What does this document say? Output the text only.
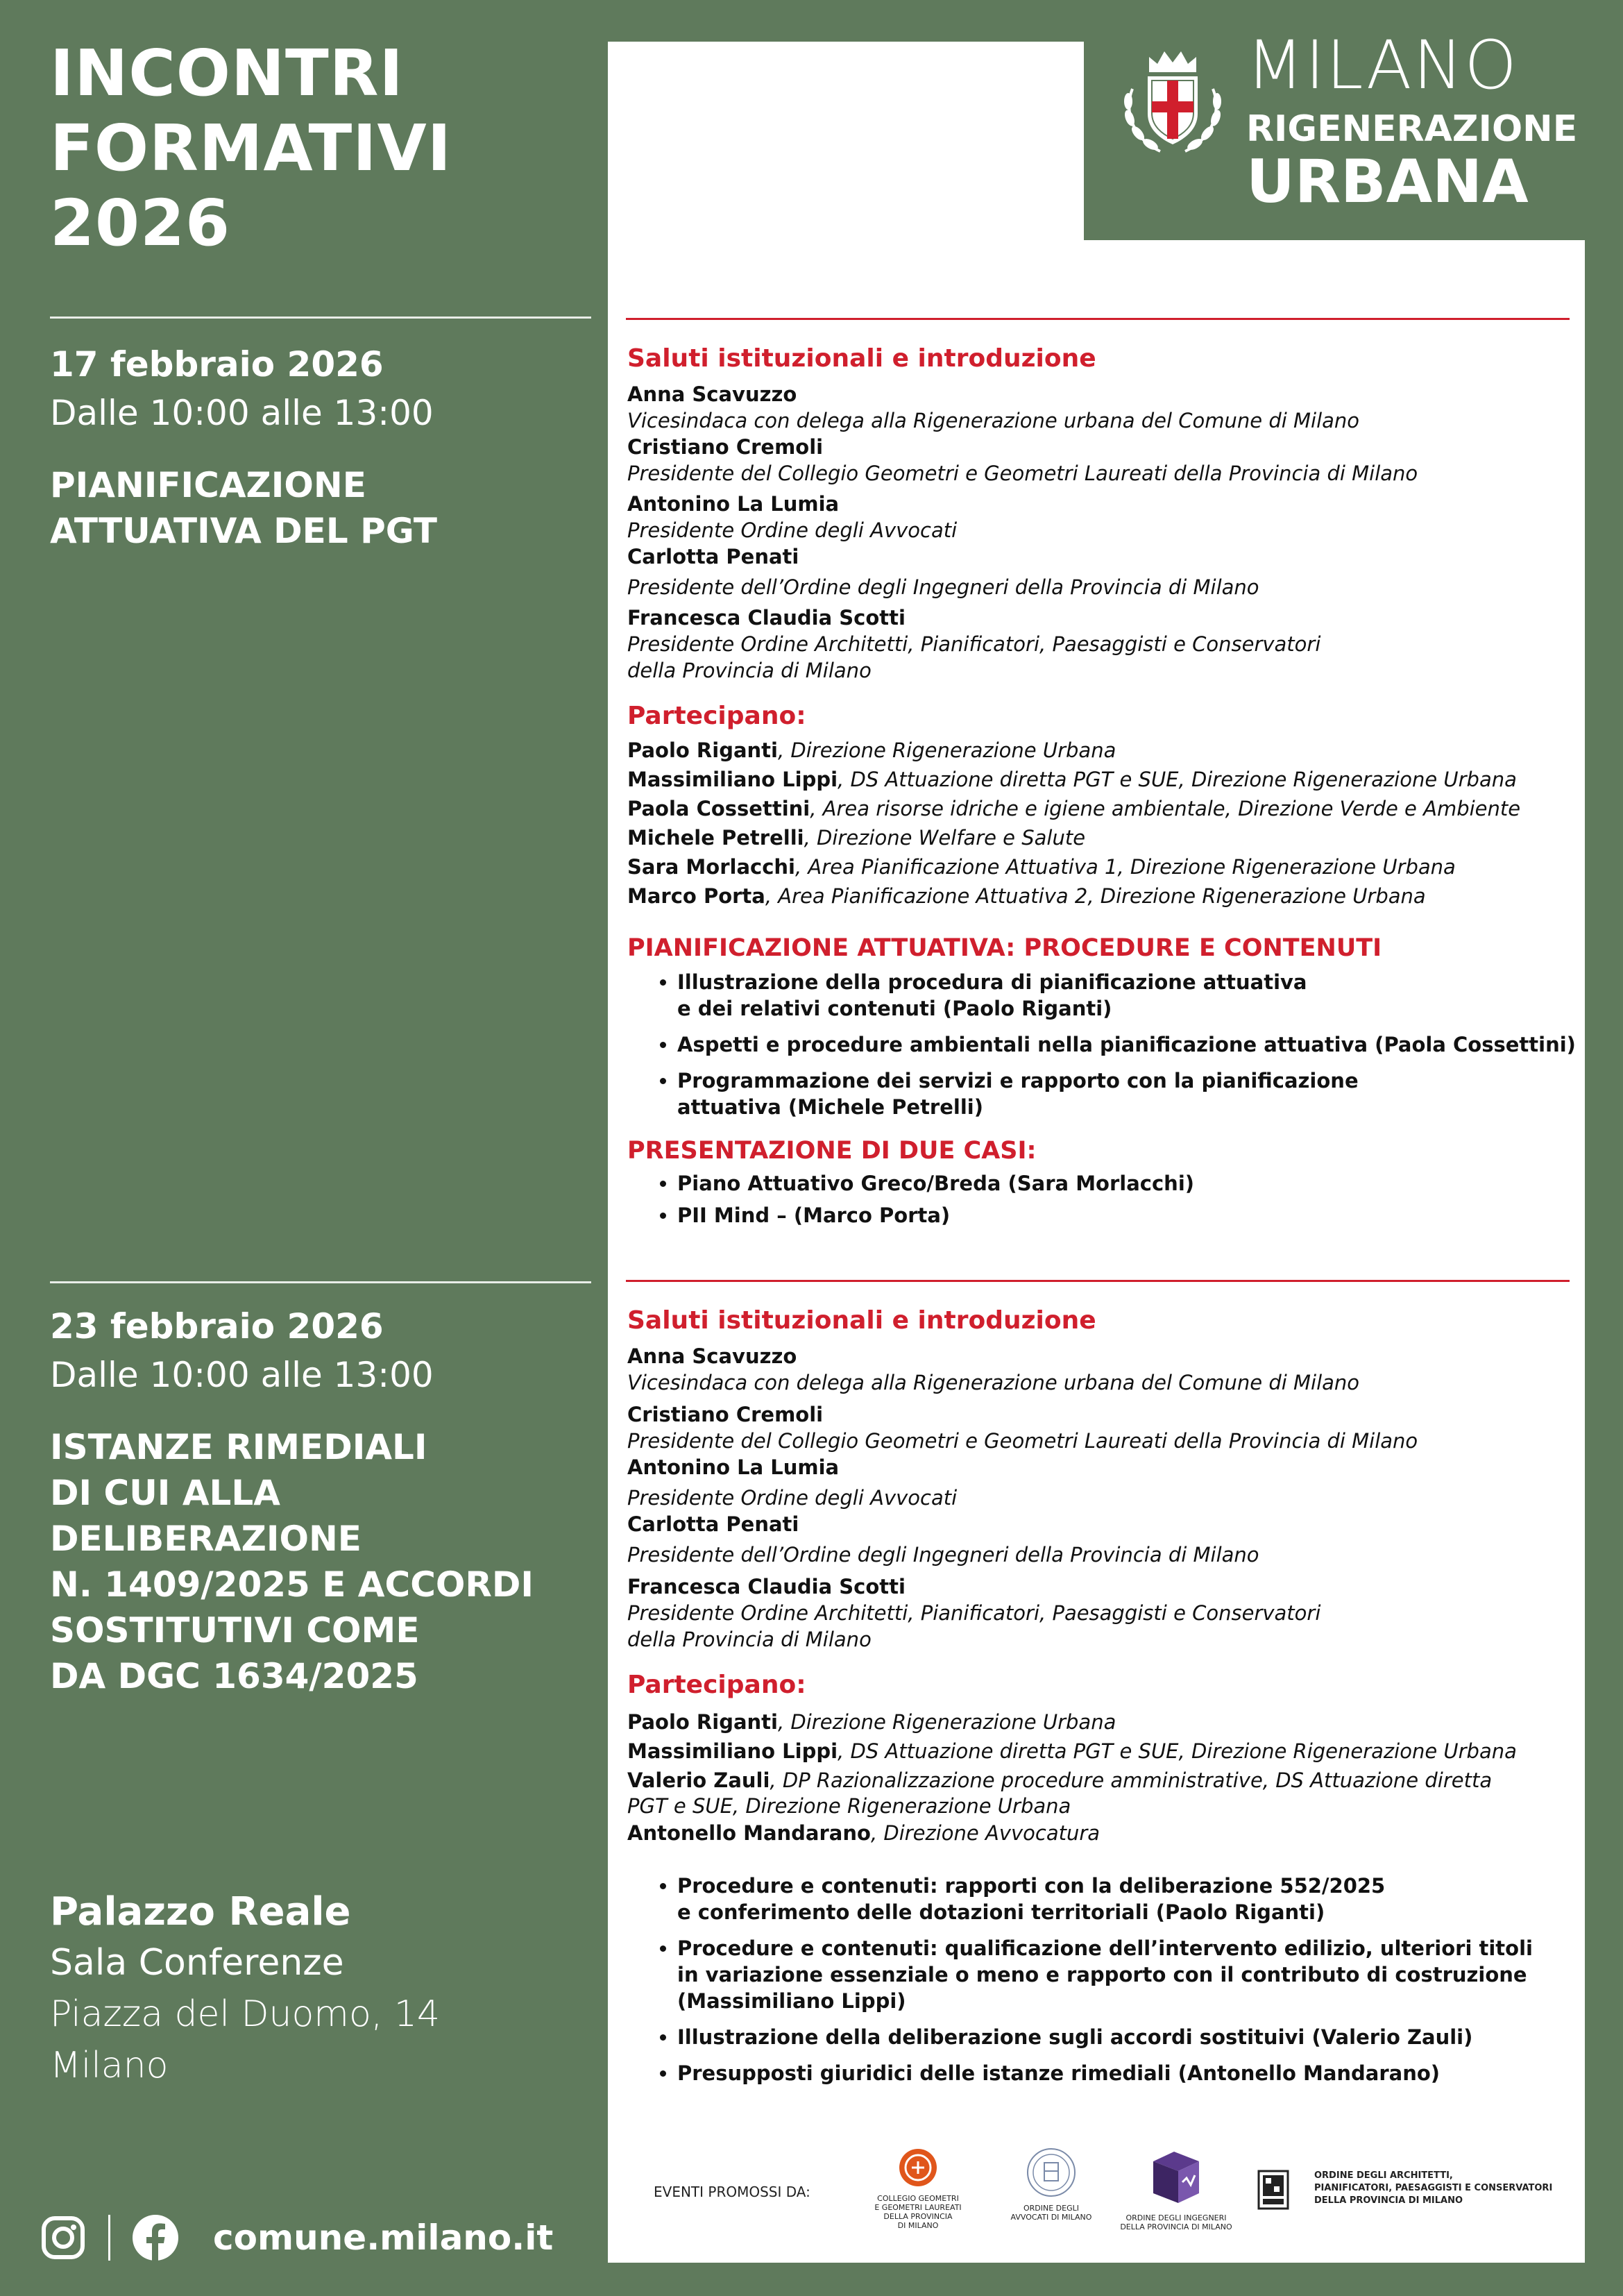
INCONTRI
FORMATIVI
2026
17 febbraio 2026
Dalle 10:00 alle 13:00
PIANIFICAZIONE
ATTUATIVA DEL PGT
23 febbraio 2026
Dalle 10:00 alle 13:00
ISTANZE RIMEDIALI
DI CUI ALLA
DELIBERAZIONE
N. 1409/2025 E ACCORDI
SOSTITUTIVI COME
DA DGC 1634/2025
Palazzo Reale
Sala Conferenze
Piazza del Duomo, 14
Milano
comune.milano.it
MILANO
RIGENERAZIONE
URBANA
Saluti istituzionali e introduzione
Anna Scavuzzo
Vicesindaca con delega alla Rigenerazione urbana del Comune di Milano
Cristiano Cremoli
Presidente del Collegio Geometri e Geometri Laureati della Provincia di Milano
Antonino La Lumia
Presidente Ordine degli Avvocati
Carlotta Penati
Presidente dell’Ordine degli Ingegneri della Provincia di Milano
Francesca Claudia Scotti
Presidente Ordine Architetti, Pianificatori, Paesaggisti e Conservatori
della Provincia di Milano
Partecipano:
Paolo Riganti, Direzione Rigenerazione Urbana
Massimiliano Lippi, DS Attuazione diretta PGT e SUE, Direzione Rigenerazione Urbana
Paola Cossettini, Area risorse idriche e igiene ambientale, Direzione Verde e Ambiente
Michele Petrelli, Direzione Welfare e Salute
Sara Morlacchi, Area Pianificazione Attuativa 1, Direzione Rigenerazione Urbana
Marco Porta, Area Pianificazione Attuativa 2, Direzione Rigenerazione Urbana
PIANIFICAZIONE ATTUATIVA: PROCEDURE E CONTENUTI
• Illustrazione della procedura di pianificazione attuativa
e dei relativi contenuti (Paolo Riganti)
• Aspetti e procedure ambientali nella pianificazione attuativa (Paola Cossettini)
• Programmazione dei servizi e rapporto con la pianificazione
attuativa (Michele Petrelli)
PRESENTAZIONE DI DUE CASI:
• Piano Attuativo Greco/Breda (Sara Morlacchi)
• PII Mind – (Marco Porta)
Saluti istituzionali e introduzione
Anna Scavuzzo
Vicesindaca con delega alla Rigenerazione urbana del Comune di Milano
Cristiano Cremoli
Presidente del Collegio Geometri e Geometri Laureati della Provincia di Milano
Antonino La Lumia
Presidente Ordine degli Avvocati
Carlotta Penati
Presidente dell’Ordine degli Ingegneri della Provincia di Milano
Francesca Claudia Scotti
Presidente Ordine Architetti, Pianificatori, Paesaggisti e Conservatori
della Provincia di Milano
Partecipano:
Paolo Riganti, Direzione Rigenerazione Urbana
Massimiliano Lippi, DS Attuazione diretta PGT e SUE, Direzione Rigenerazione Urbana
Valerio Zauli, DP Razionalizzazione procedure amministrative, DS Attuazione diretta
PGT e SUE, Direzione Rigenerazione Urbana
Antonello Mandarano, Direzione Avvocatura
• Procedure e contenuti: rapporti con la deliberazione 552/2025
e conferimento delle dotazioni territoriali (Paolo Riganti)
• Procedure e contenuti: qualificazione dell’intervento edilizio, ulteriori titoli
in variazione essenziale o meno e rapporto con il contributo di costruzione
(Massimiliano Lippi)
• Illustrazione della deliberazione sugli accordi sostituivi (Valerio Zauli)
• Presupposti giuridici delle istanze rimediali (Antonello Mandarano)
EVENTI PROMOSSI DA:	COLLEGIO GEOMETRI
E GEOMETRI LAUREATI
DELLA PROVINCIA
DI MILANO
ORDINE DEGLI
AVVOCATI DI MILANO	ORDINE DEGLI INGEGNERI
DELLA PROVINCIA DI MILANO
ORDINE DEGLI ARCHITETTI,
PIANIFICATORI, PAESAGGISTI E CONSERVATORI
DELLA PROVINCIA DI MILANO
